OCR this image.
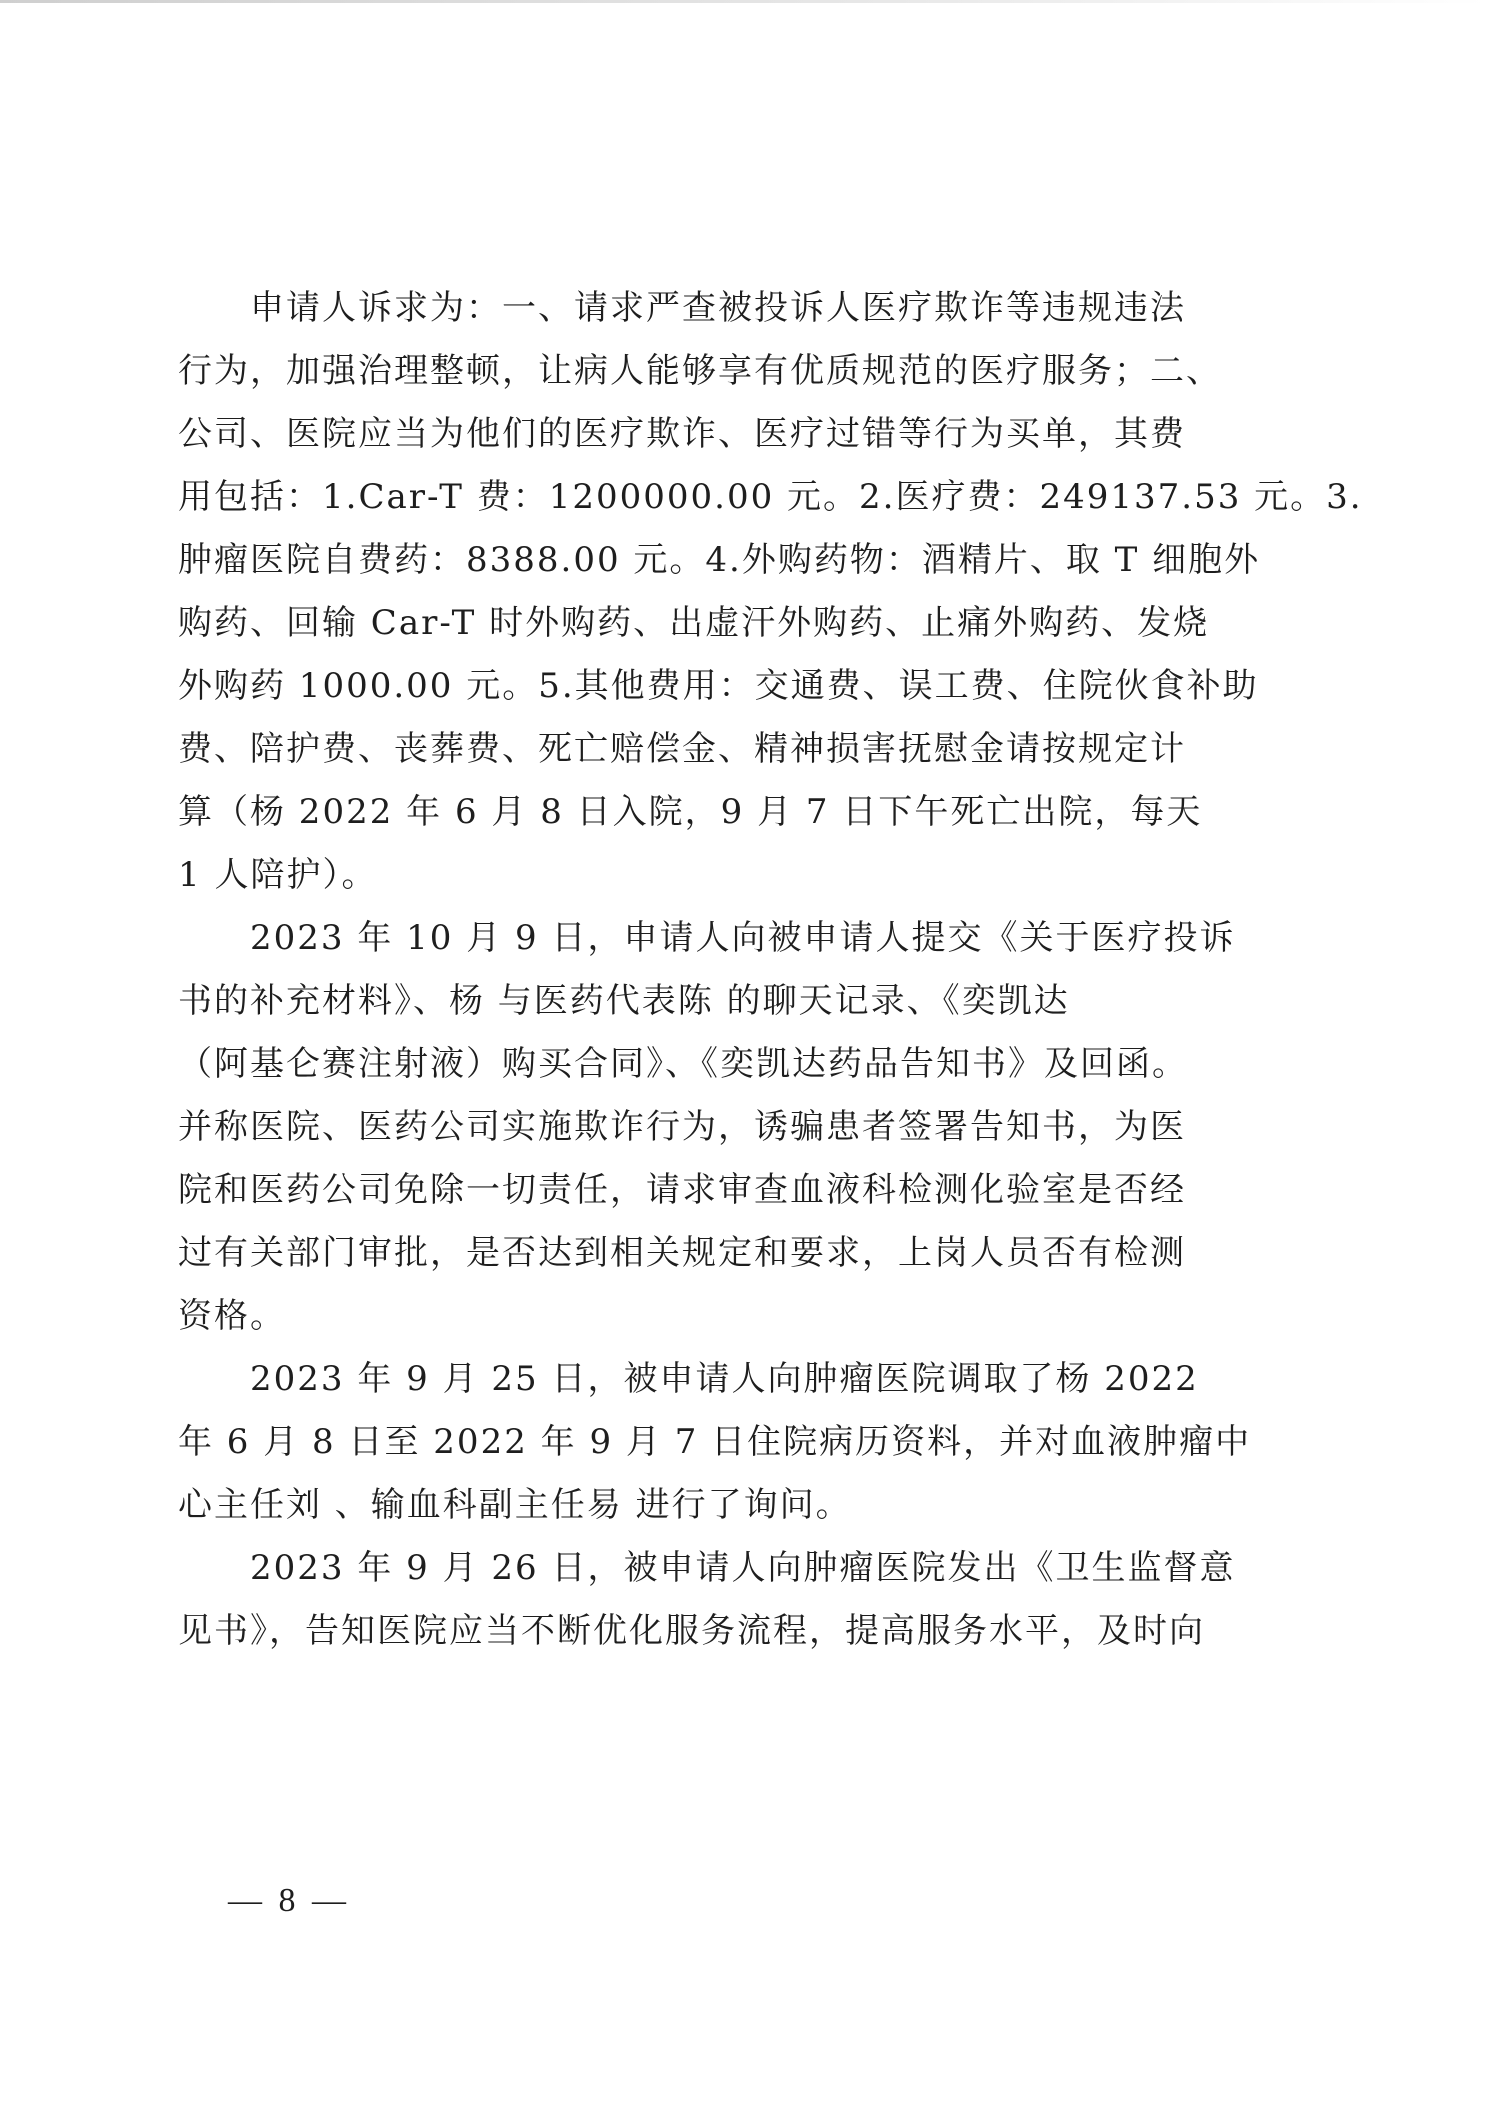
申请人诉求为：一、请求严查被投诉人医疗欺诈等违规违法
行为，加强治理整顿，让病人能够享有优质规范的医疗服务；二、
公司、医院应当为他们的医疗欺诈、医疗过错等行为买单，其费
用包括：1.Car-T 费：1200000.00 元。2.医疗费：249137.53 元。3.
肿瘤医院自费药：8388.00 元。4.外购药物：酒精片、取 T 细胞外
购药、回输 Car-T 时外购药、出虚汗外购药、止痛外购药、发烧
外购药 1000.00 元。5.其他费用：交通费、误工费、住院伙食补助
费、陪护费、丧葬费、死亡赔偿金、精神损害抚慰金请按规定计
算（杨 2022 年 6 月 8 日入院，9 月 7 日下午死亡出院，每天
1 人陪护）。

2023 年 10 月 9 日，申请人向被申请人提交《关于医疗投诉
书的补充材料》、杨 与医药代表陈 的聊天记录、《奕凯达
（阿基仑赛注射液）购买合同》、《奕凯达药品告知书》及回函。
并称医院、医药公司实施欺诈行为，诱骗患者签署告知书，为医
院和医药公司免除一切责任，请求审查血液科检测化验室是否经
过有关部门审批，是否达到相关规定和要求，上岗人员否有检测
资格。

2023 年 9 月 25 日，被申请人向肿瘤医院调取了杨 2022
年 6 月 8 日至 2022 年 9 月 7 日住院病历资料，并对血液肿瘤中
心主任刘 、输血科副主任易 进行了询问。

2023 年 9 月 26 日，被申请人向肿瘤医院发出《卫生监督意
见书》，告知医院应当不断优化服务流程，提高服务水平，及时向

— 8 —
